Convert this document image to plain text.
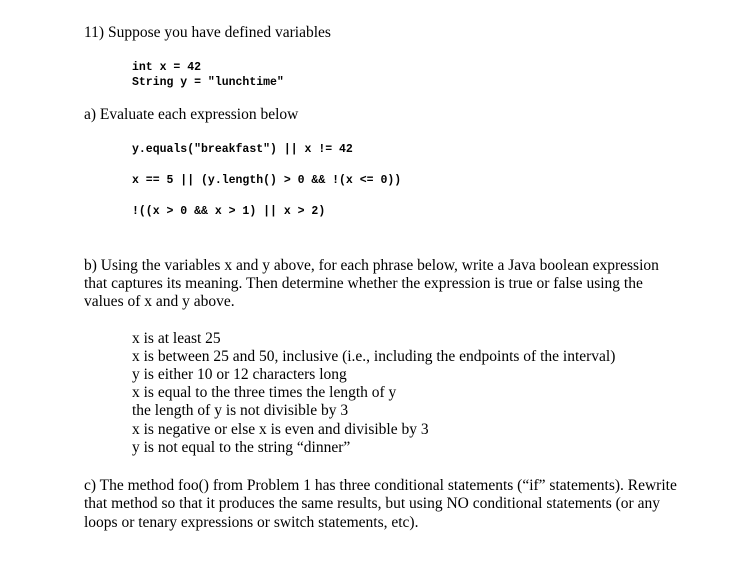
11) Suppose you have defined variables
int x = 42
String y = "lunchtime"
a) Evaluate each expression below
y.equals("breakfast") || x != 42
x == 5 || (y.length() > 0 && !(x <= 0))
!((x > 0 && x > 1) || x > 2)
b) Using the variables x and y above, for each phrase below, write a Java boolean expression
that captures its meaning. Then determine whether the expression is true or false using the
values of x and y above.
x is at least 25
x is between 25 and 50, inclusive (i.e., including the endpoints of the interval)
y is either 10 or 12 characters long
x is equal to the three times the length of y
the length of y is not divisible by 3
x is negative or else x is even and divisible by 3
y is not equal to the string “dinner”
c) The method foo() from Problem 1 has three conditional statements (“if” statements). Rewrite
that method so that it produces the same results, but using NO conditional statements (or any
loops or tenary expressions or switch statements, etc).
